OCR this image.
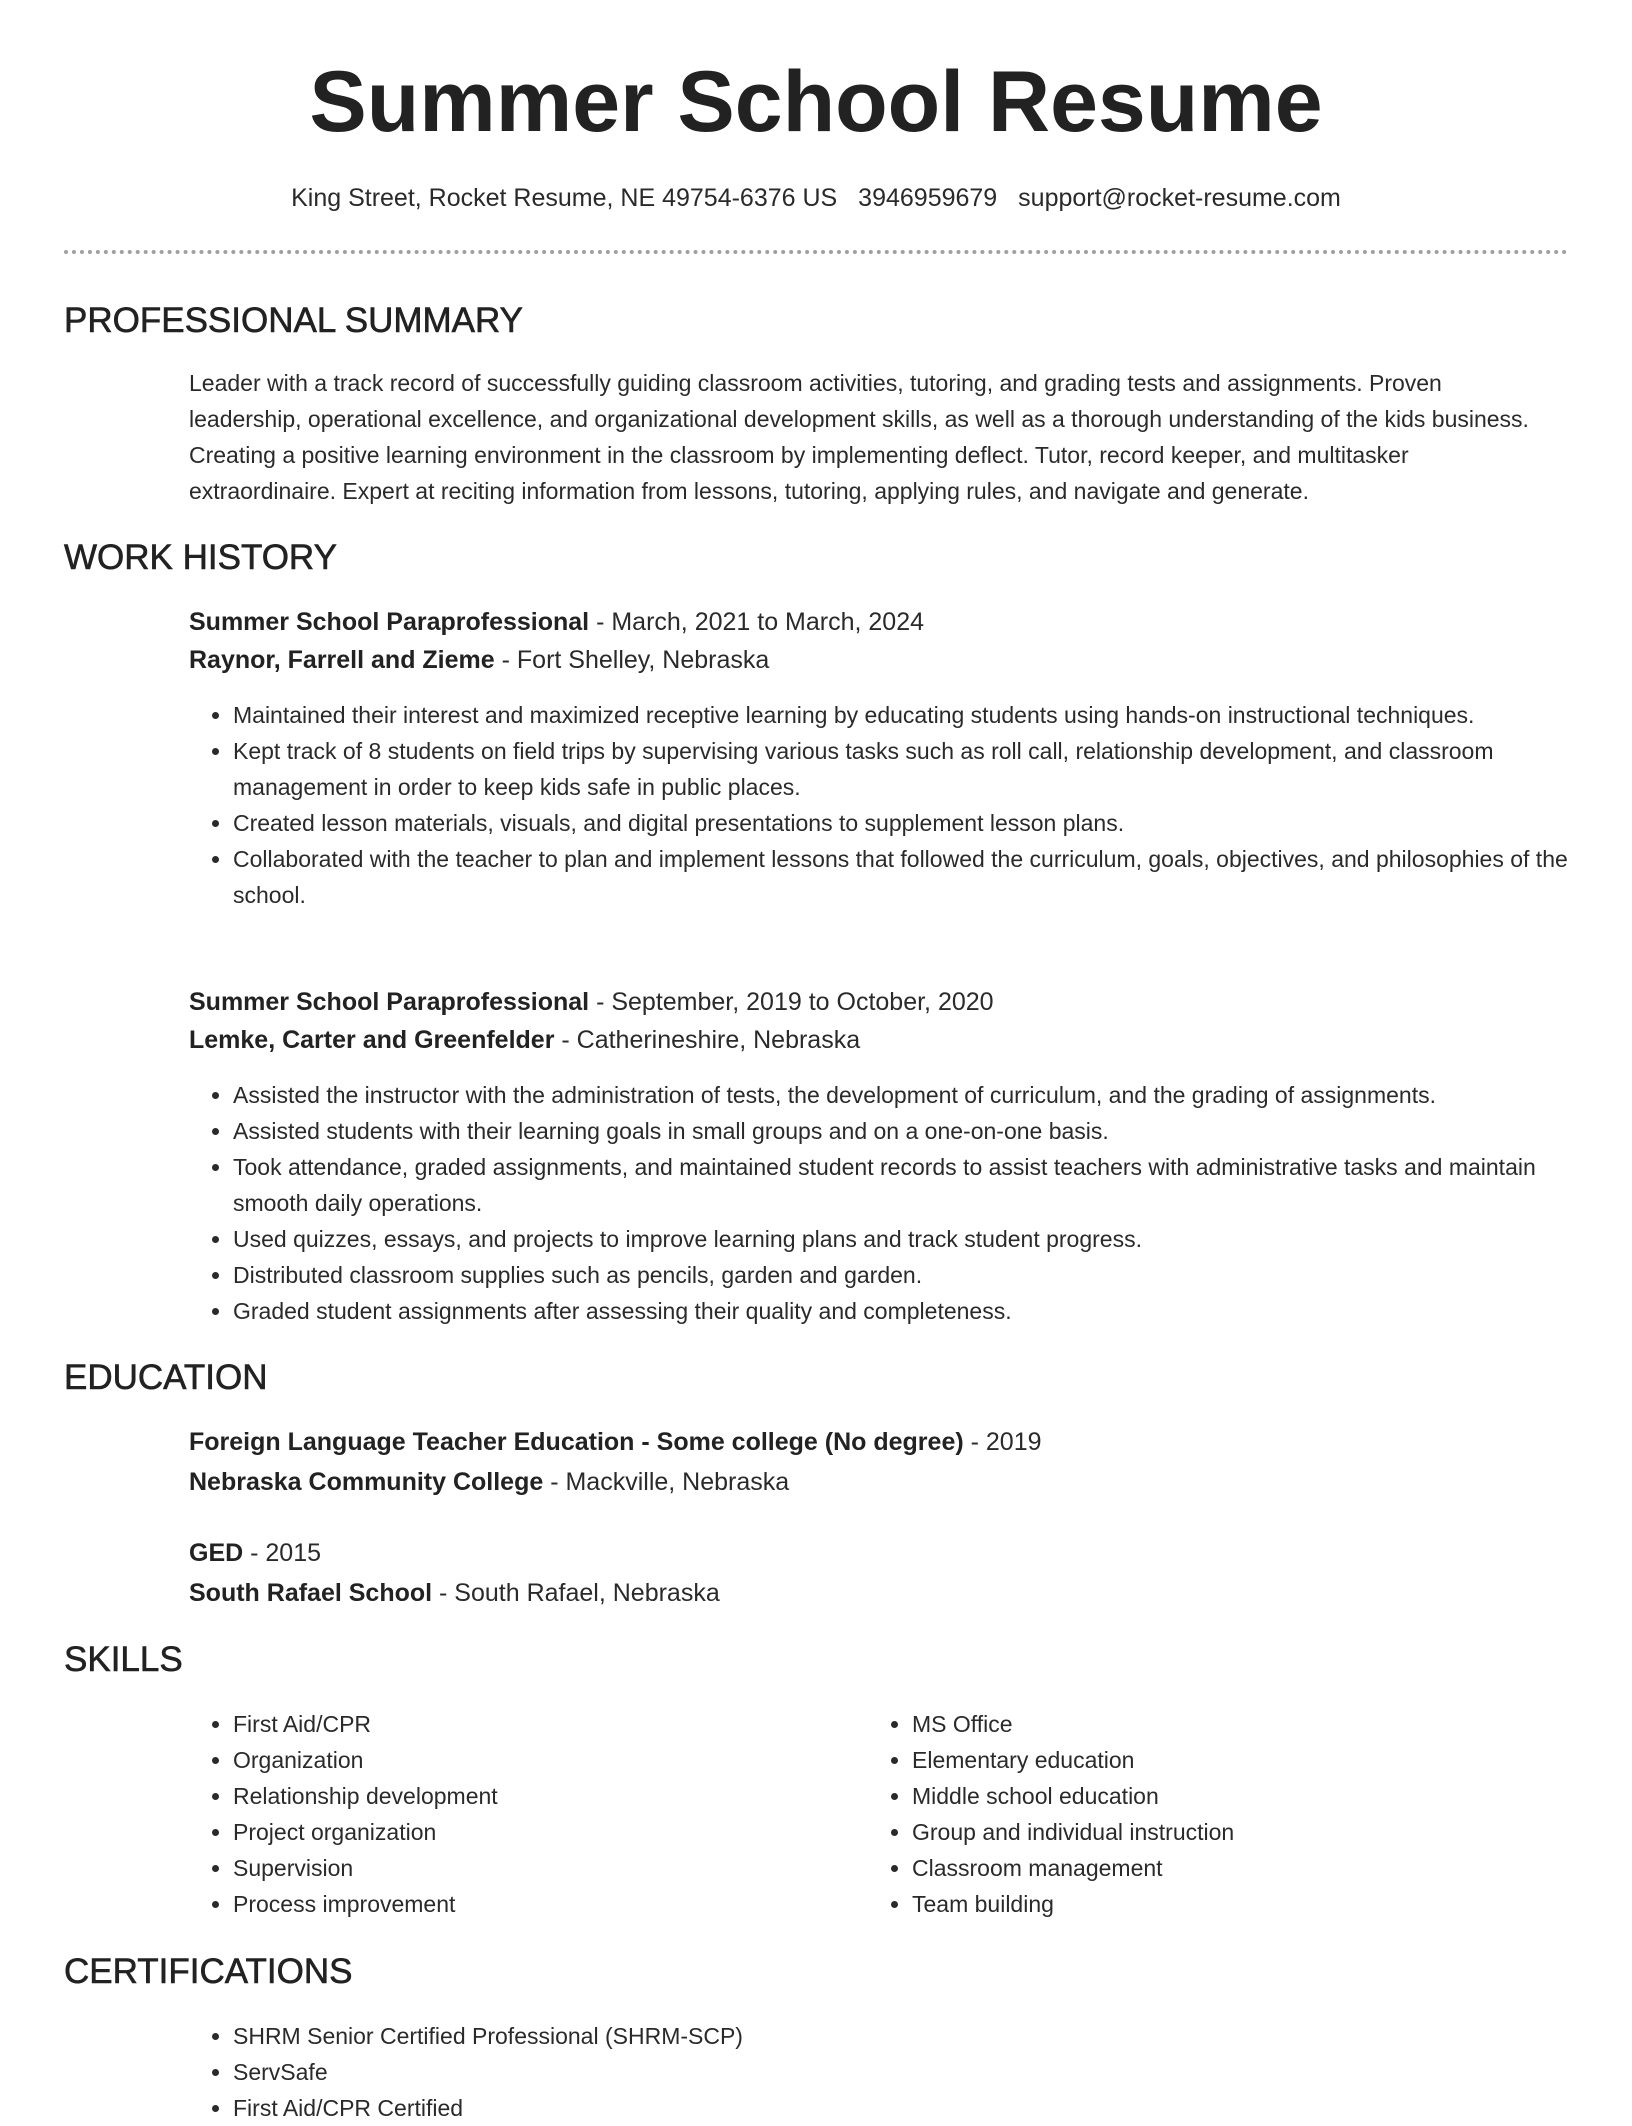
Summer School Resume
King Street, Rocket Resume, NE 49754-6376 US 3946959679 support@rocket-resume.com
PROFESSIONAL SUMMARY

Leader with a track record of successfully guiding classroom activities, tutoring, and grading tests and assignments. Proven leadership, operational excellence, and organizational development skills, as well as a thorough understanding of the kids business. Creating a positive learning environment in the classroom by implementing deflect. Tutor, record keeper, and multitasker extraordinaire. Expert at reciting information from lessons, tutoring, applying rules, and navigate and generate.

WORK HISTORY
Summer School Paraprofessional - March, 2021 to March, 2024
Raynor, Farrell and Zieme - Fort Shelley, Nebraska
• Maintained their interest and maximized receptive learning by educating students using hands-on instructional techniques.
• Kept track of 8 students on field trips by supervising various tasks such as roll call, relationship development, and classroom management in order to keep kids safe in public places.
• Created lesson materials, visuals, and digital presentations to supplement lesson plans.
• Collaborated with the teacher to plan and implement lessons that followed the curriculum, goals, objectives, and philosophies of the school.
Summer School Paraprofessional - September, 2019 to October, 2020
Lemke, Carter and Greenfelder - Catherineshire, Nebraska
• Assisted the instructor with the administration of tests, the development of curriculum, and the grading of assignments.
• Assisted students with their learning goals in small groups and on a one-on-one basis.
• Took attendance, graded assignments, and maintained student records to assist teachers with administrative tasks and maintain smooth daily operations.
• Used quizzes, essays, and projects to improve learning plans and track student progress.
• Distributed classroom supplies such as pencils, garden and garden.
• Graded student assignments after assessing their quality and completeness.
EDUCATION
Foreign Language Teacher Education - Some college (No degree) - 2019
Nebraska Community College - Mackville, Nebraska
GED - 2015
South Rafael School - South Rafael, Nebraska
SKILLS
• First Aid/CPR
• Organization
• Relationship development
• Project organization
• Supervision
• Process improvement
• MS Office
• Elementary education
• Middle school education
• Group and individual instruction
• Classroom management
• Team building
CERTIFICATIONS
• SHRM Senior Certified Professional (SHRM-SCP)
• ServSafe
• First Aid/CPR Certified
